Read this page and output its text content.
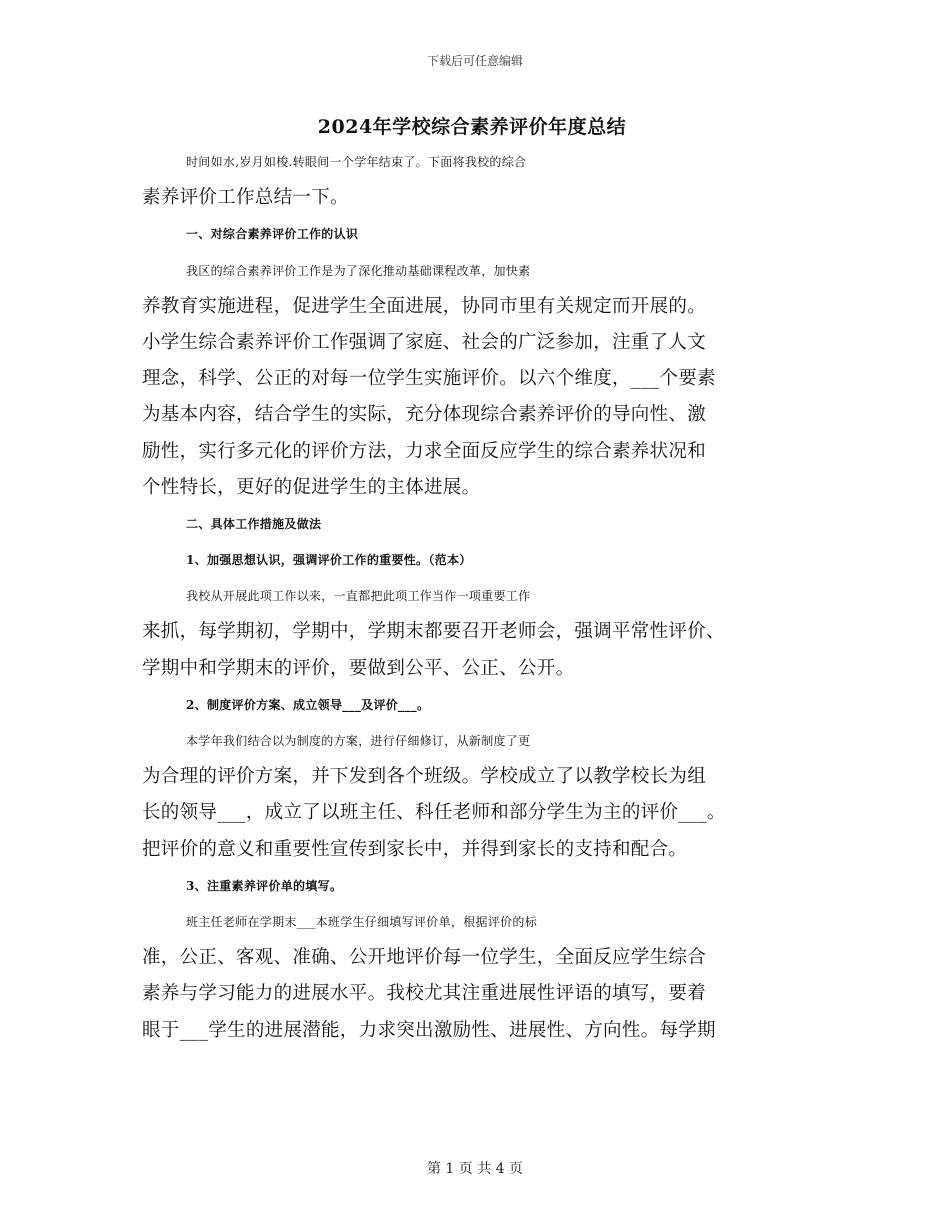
下载后可任意编辑
2024年学校综合素养评价年度总结
时间如水,岁月如梭.转眼间一个学年结束了。下面将我校的综合
素养评价工作总结一下。
一、对综合素养评价工作的认识
我区的综合素养评价工作是为了深化推动基础课程改革，加快素
养教育实施进程，促进学生全面进展，协同市里有关规定而开展的。
小学生综合素养评价工作强调了家庭、社会的广泛参加，注重了人文
理念，科学、公正的对每一位学生实施评价。以六个维度，___个要素
为基本内容，结合学生的实际，充分体现综合素养评价的导向性、激
励性，实行多元化的评价方法，力求全面反应学生的综合素养状况和
个性特长，更好的促进学生的主体进展。
二、具体工作措施及做法
1、加强思想认识，强调评价工作的重要性。（范本）
我校从开展此项工作以来，一直都把此项工作当作一项重要工作
来抓，每学期初，学期中，学期末都要召开老师会，强调平常性评价、
学期中和学期末的评价，要做到公平、公正、公开。
2、制度评价方案、成立领导___及评价___。
本学年我们结合以为制度的方案，进行仔细修订，从新制度了更
为合理的评价方案，并下发到各个班级。学校成立了以教学校长为组
长的领导___，成立了以班主任、科任老师和部分学生为主的评价___。
把评价的意义和重要性宣传到家长中，并得到家长的支持和配合。
3、注重素养评价单的填写。
班主任老师在学期末___本班学生仔细填写评价单，根据评价的标
准，公正、客观、准确、公开地评价每一位学生，全面反应学生综合
素养与学习能力的进展水平。我校尤其注重进展性评语的填写，要着
眼于___学生的进展潜能，力求突出激励性、进展性、方向性。每学期
第 1 页 共 4 页
